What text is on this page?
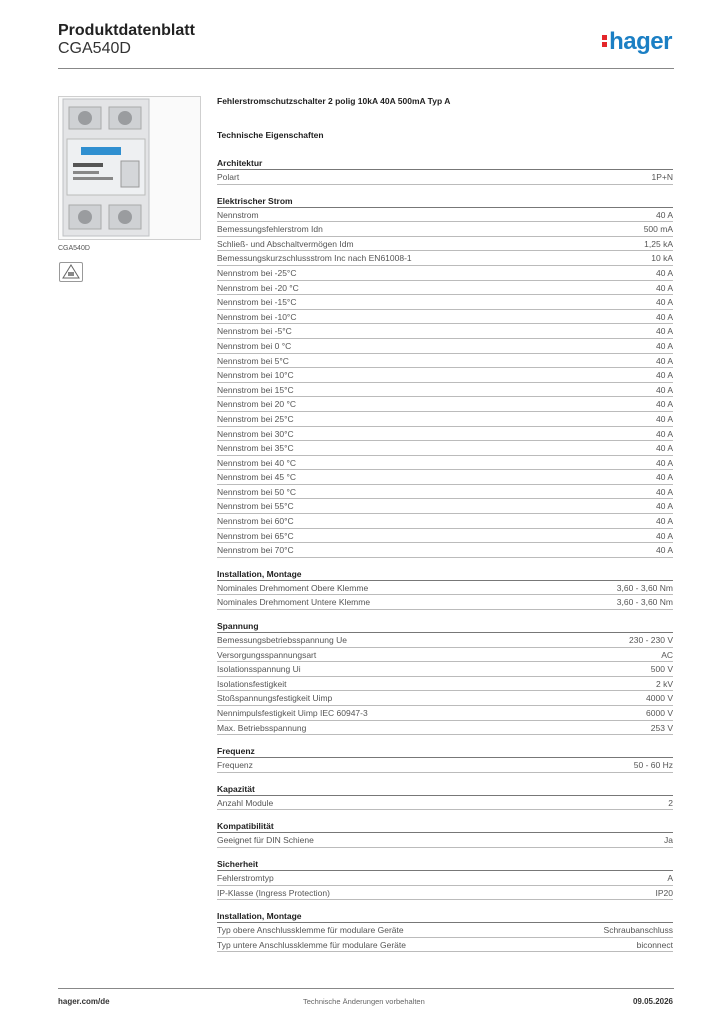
Produktdatenblatt
CGA540D	hager
CGA540D
Fehlerstromschutzschalter 2 polig 10kA 40A 500mA Typ A
Technische Eigenschaften
Architektur
Polart	1P+N
Elektrischer Strom
Nennstrom	40 A
Bemessungsfehlerstrom Idn	500 mA
Schließ- und Abschaltvermögen Idm	1,25 kA
Bemessungskurzschlussstrom Inc nach EN61008-1	10 kA
Nennstrom bei -25°C	40 A
Nennstrom bei -20 °C	40 A
Nennstrom bei -15°C	40 A
Nennstrom bei -10°C	40 A
Nennstrom bei -5°C	40 A
Nennstrom bei 0 °C	40 A
Nennstrom bei 5°C	40 A
Nennstrom bei 10°C	40 A
Nennstrom bei 15°C	40 A
Nennstrom bei 20 °C	40 A
Nennstrom bei 25°C	40 A
Nennstrom bei 30°C	40 A
Nennstrom bei 35°C	40 A
Nennstrom bei 40 °C	40 A
Nennstrom bei 45 °C	40 A
Nennstrom bei 50 °C	40 A
Nennstrom bei 55°C	40 A
Nennstrom bei 60°C	40 A
Nennstrom bei 65°C	40 A
Nennstrom bei 70°C	40 A
Installation, Montage
Nominales Drehmoment Obere Klemme	3,60 - 3,60 Nm
Nominales Drehmoment Untere Klemme	3,60 - 3,60 Nm
Spannung
Bemessungsbetriebsspannung Ue	230 - 230 V
Versorgungsspannungsart	AC
Isolationsspannung Ui	500 V
Isolationsfestigkeit	2 kV
Stoßspannungsfestigkeit Uimp	4000 V
Nennimpulsfestigkeit Uimp IEC 60947-3	6000 V
Max. Betriebsspannung	253 V
Frequenz
Frequenz	50 - 60 Hz
Kapazität
Anzahl Module	2
Kompatibilität
Geeignet für DIN Schiene	Ja
Sicherheit
Fehlerstromtyp	A
IP-Klasse (Ingress Protection)	IP20
Installation, Montage
Typ obere Anschlussklemme für modulare Geräte	Schraubanschluss
Typ untere Anschlussklemme für modulare Geräte	biconnect
hager.com/de	Technische Änderungen vorbehalten	09.05.2026
